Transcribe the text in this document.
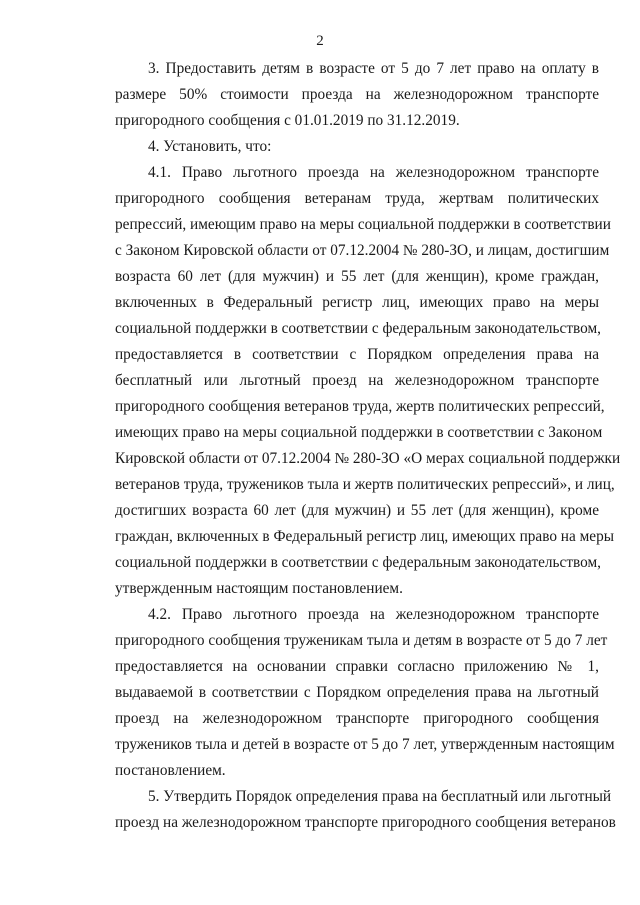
2
3. Предоставить детям в возрасте от 5 до 7 лет право на оплату в
размере 50% стоимости проезда на железнодорожном транспорте
пригородного сообщения с 01.01.2019 по 31.12.2019.
4. Установить, что:
4.1. Право льготного проезда на железнодорожном транспорте
пригородного сообщения ветеранам труда, жертвам политических
репрессий, имеющим право на меры социальной поддержки в соответствии
с Законом Кировской области от 07.12.2004 № 280-ЗО, и лицам, достигшим
возраста 60 лет (для мужчин) и 55 лет (для женщин), кроме граждан,
включенных в Федеральный регистр лиц, имеющих право на меры
социальной поддержки в соответствии с федеральным законодательством,
предоставляется в соответствии с Порядком определения права на
бесплатный или льготный проезд на железнодорожном транспорте
пригородного сообщения ветеранов труда, жертв политических репрессий,
имеющих право на меры социальной поддержки в соответствии с Законом
Кировской области от 07.12.2004 № 280-ЗО «О мерах социальной поддержки
ветеранов труда, тружеников тыла и жертв политических репрессий», и лиц,
достигших возраста 60 лет (для мужчин) и 55 лет (для женщин), кроме
граждан, включенных в Федеральный регистр лиц, имеющих право на меры
социальной поддержки в соответствии с федеральным законодательством,
утвержденным настоящим постановлением.
4.2. Право льготного проезда на железнодорожном транспорте
пригородного сообщения труженикам тыла и детям в возрасте от 5 до 7 лет
предоставляется на основании справки согласно приложению № 1,
выдаваемой в соответствии с Порядком определения права на льготный
проезд на железнодорожном транспорте пригородного сообщения
тружеников тыла и детей в возрасте от 5 до 7 лет, утвержденным настоящим
постановлением.
5. Утвердить Порядок определения права на бесплатный или льготный
проезд на железнодорожном транспорте пригородного сообщения ветеранов
